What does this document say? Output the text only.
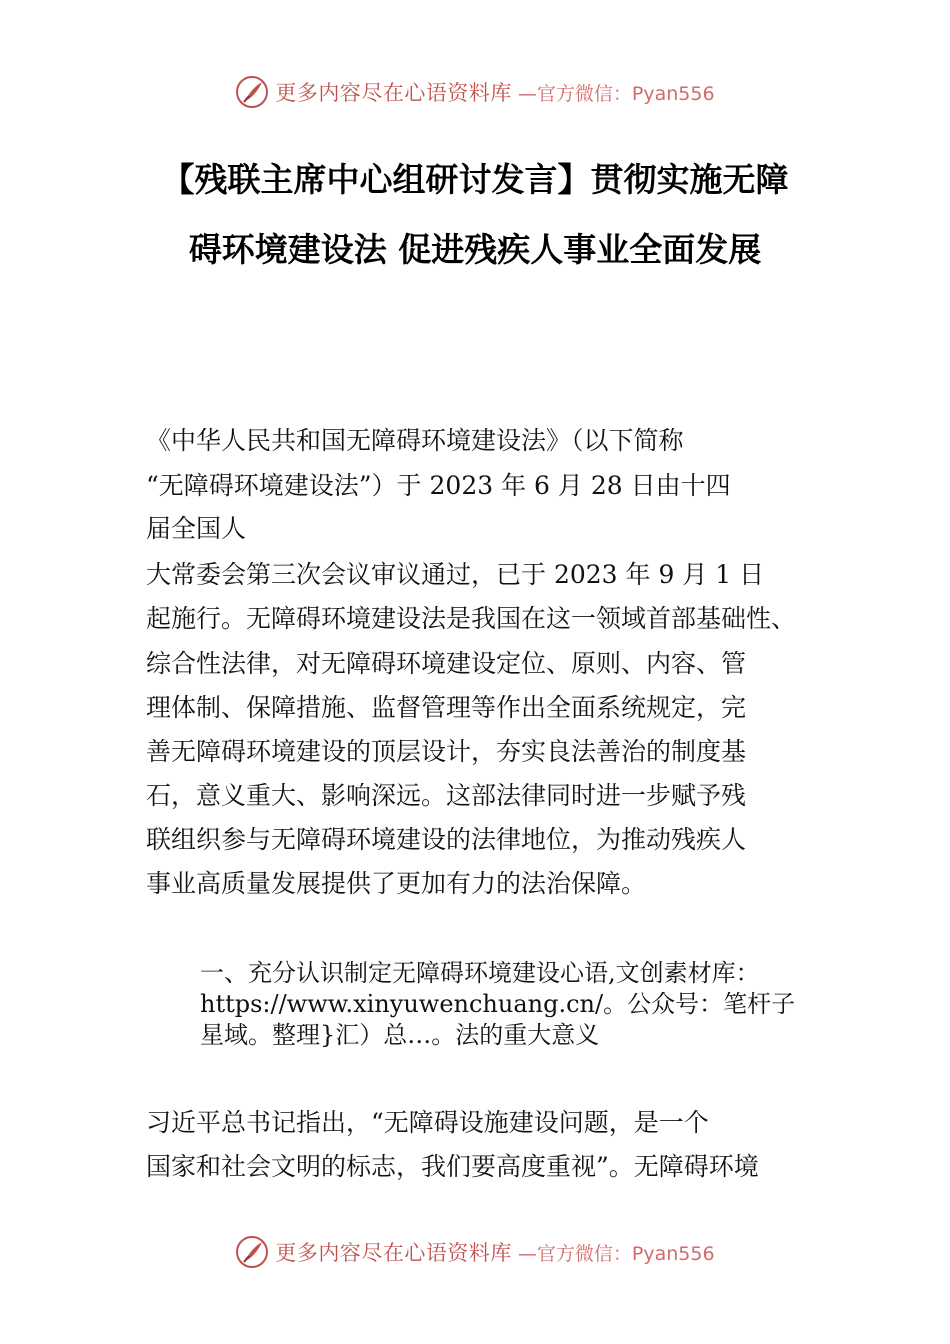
更多内容尽在心语资料库 —官方微信：Pyan556
【残联主席中心组研讨发言】贯彻实施无障
碍环境建设法 促进残疾人事业全面发展
《中华人民共和国无障碍环境建设法》（以下简称
“无障碍环境建设法”）于 2023 年 6 月 28 日由十四
届全国人
大常委会第三次会议审议通过，已于 2023 年 9 月 1 日
起施行。无障碍环境建设法是我国在这一领域首部基础性、
综合性法律，对无障碍环境建设定位、原则、内容、管
理体制、保障措施、监督管理等作出全面系统规定，完
善无障碍环境建设的顶层设计，夯实良法善治的制度基
石，意义重大、影响深远。这部法律同时进一步赋予残
联组织参与无障碍环境建设的法律地位，为推动残疾人
事业高质量发展提供了更加有力的法治保障。
一、充分认识制定无障碍环境建设心语,文创素材库：
https://www.xinyuwenchuang.cn/。公众号：笔杆子
星域。整理}汇）总…。法的重大意义
习近平总书记指出，“无障碍设施建设问题，是一个
国家和社会文明的标志，我们要高度重视”。无障碍环境
更多内容尽在心语资料库 —官方微信：Pyan556
